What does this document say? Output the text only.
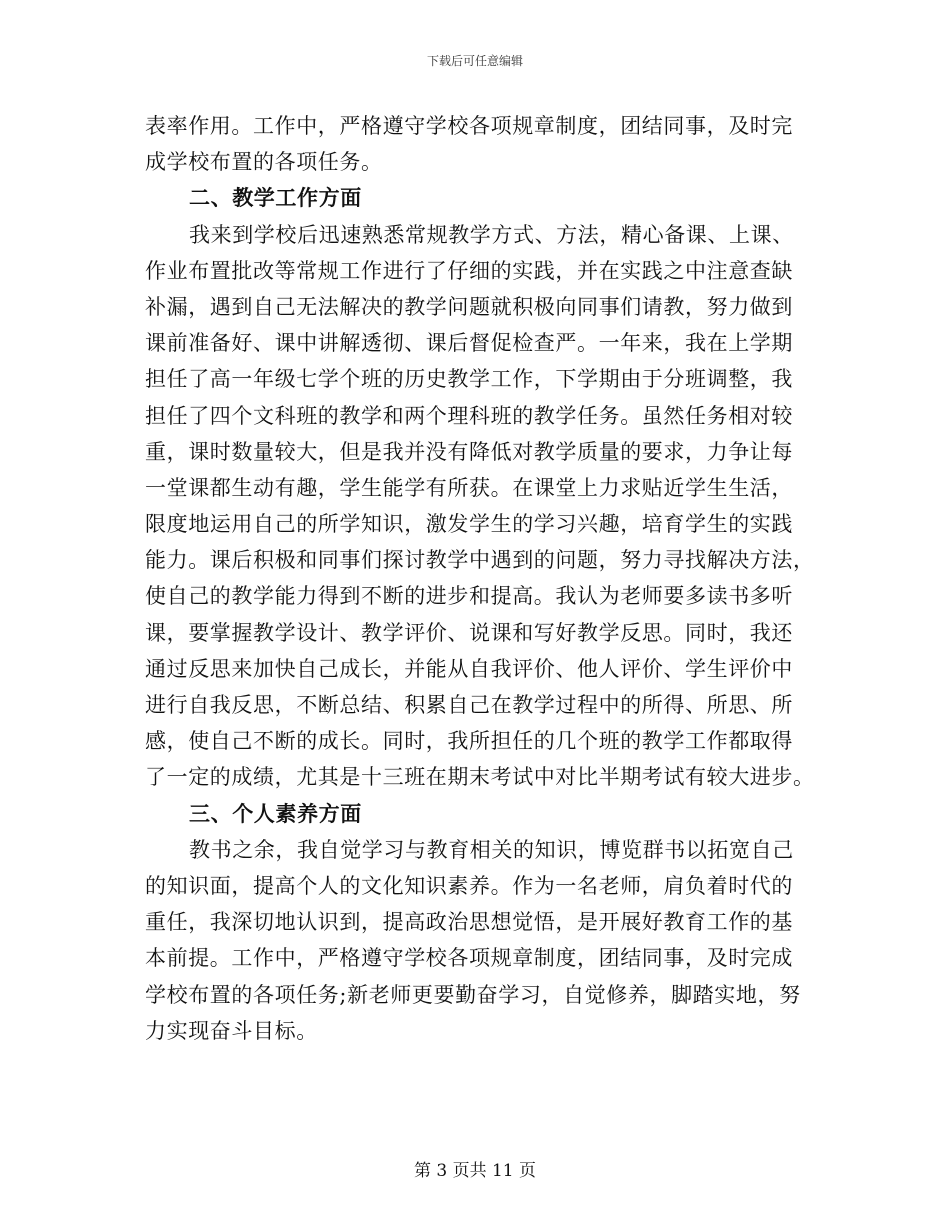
下载后可任意编辑
表率作用。工作中，严格遵守学校各项规章制度，团结同事，及时完
成学校布置的各项任务。
二、教学工作方面
我来到学校后迅速熟悉常规教学方式、方法，精心备课、上课、
作业布置批改等常规工作进行了仔细的实践，并在实践之中注意查缺
补漏，遇到自己无法解决的教学问题就积极向同事们请教，努力做到
课前准备好、课中讲解透彻、课后督促检查严。一年来，我在上学期
担任了高一年级七学个班的历史教学工作，下学期由于分班调整，我
担任了四个文科班的教学和两个理科班的教学任务。虽然任务相对较
重，课时数量较大，但是我并没有降低对教学质量的要求，力争让每
一堂课都生动有趣，学生能学有所获。在课堂上力求贴近学生生活，
限度地运用自己的所学知识，激发学生的学习兴趣，培育学生的实践
能力。课后积极和同事们探讨教学中遇到的问题，努力寻找解决方法，
使自己的教学能力得到不断的进步和提高。我认为老师要多读书多听
课，要掌握教学设计、教学评价、说课和写好教学反思。同时，我还
通过反思来加快自己成长，并能从自我评价、他人评价、学生评价中
进行自我反思，不断总结、积累自己在教学过程中的所得、所思、所
感，使自己不断的成长。同时，我所担任的几个班的教学工作都取得
了一定的成绩，尤其是十三班在期末考试中对比半期考试有较大进步。
三、个人素养方面
教书之余，我自觉学习与教育相关的知识，博览群书以拓宽自己
的知识面，提高个人的文化知识素养。作为一名老师，肩负着时代的
重任，我深切地认识到，提高政治思想觉悟，是开展好教育工作的基
本前提。工作中，严格遵守学校各项规章制度，团结同事，及时完成
学校布置的各项任务;新老师更要勤奋学习，自觉修养，脚踏实地，努
力实现奋斗目标。
第 3 页共 11 页
